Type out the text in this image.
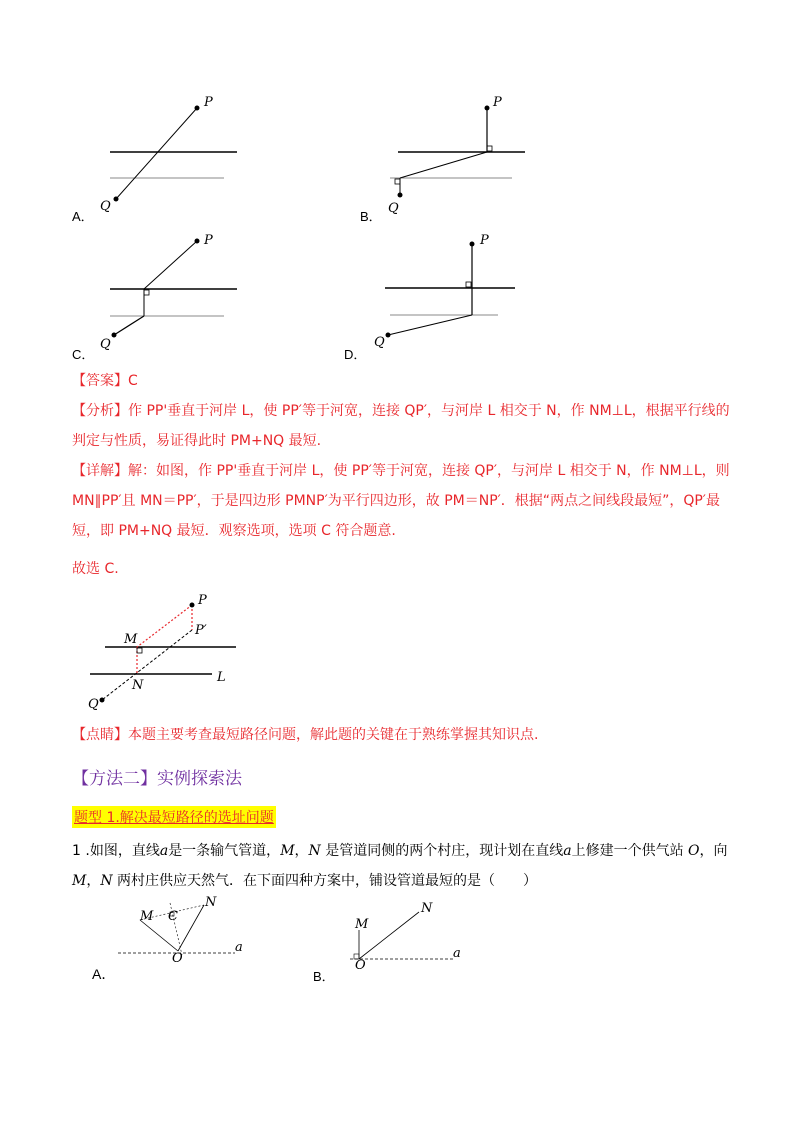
P
Q
A．
P
Q
B．
P
Q
C．
P
Q
D．

【答案】C

【分析】作 PP'垂直于河岸 L，使 PP′等于河宽，连接 QP′，与河岸 L 相交于 N，作 NM⊥L，根据平行线的判定与性质，易证得此时 PM+NQ 最短.

【详解】解：如图，作 PP'垂直于河岸 L，使 PP′等于河宽，连接 QP′，与河岸 L 相交于 N，作 NM⊥L，则 MN∥PP′且 MN＝PP′，于是四边形 PMNP′为平行四边形，故 PM＝NP′．根据“两点之间线段最短”，QP′最短，即 PM+NQ 最短．观察选项，选项 C 符合题意.

故选 C.

P
P′
M
N
Q
L

【点睛】本题主要考查最短路径问题，解此题的关键在于熟练掌握其知识点.

【方法二】实例探索法
题型 1.解决最短路径的选址问题
1 .如图，直线a是一条输气管道，M，N 是管道同侧的两个村庄，现计划在直线a上修建一个供气站 O，向
M，N 两村庄供应天然气．在下面四种方案中，铺设管道最短的是（　　）
M
N
O
a
C
A．
M
N
O
a
B．
